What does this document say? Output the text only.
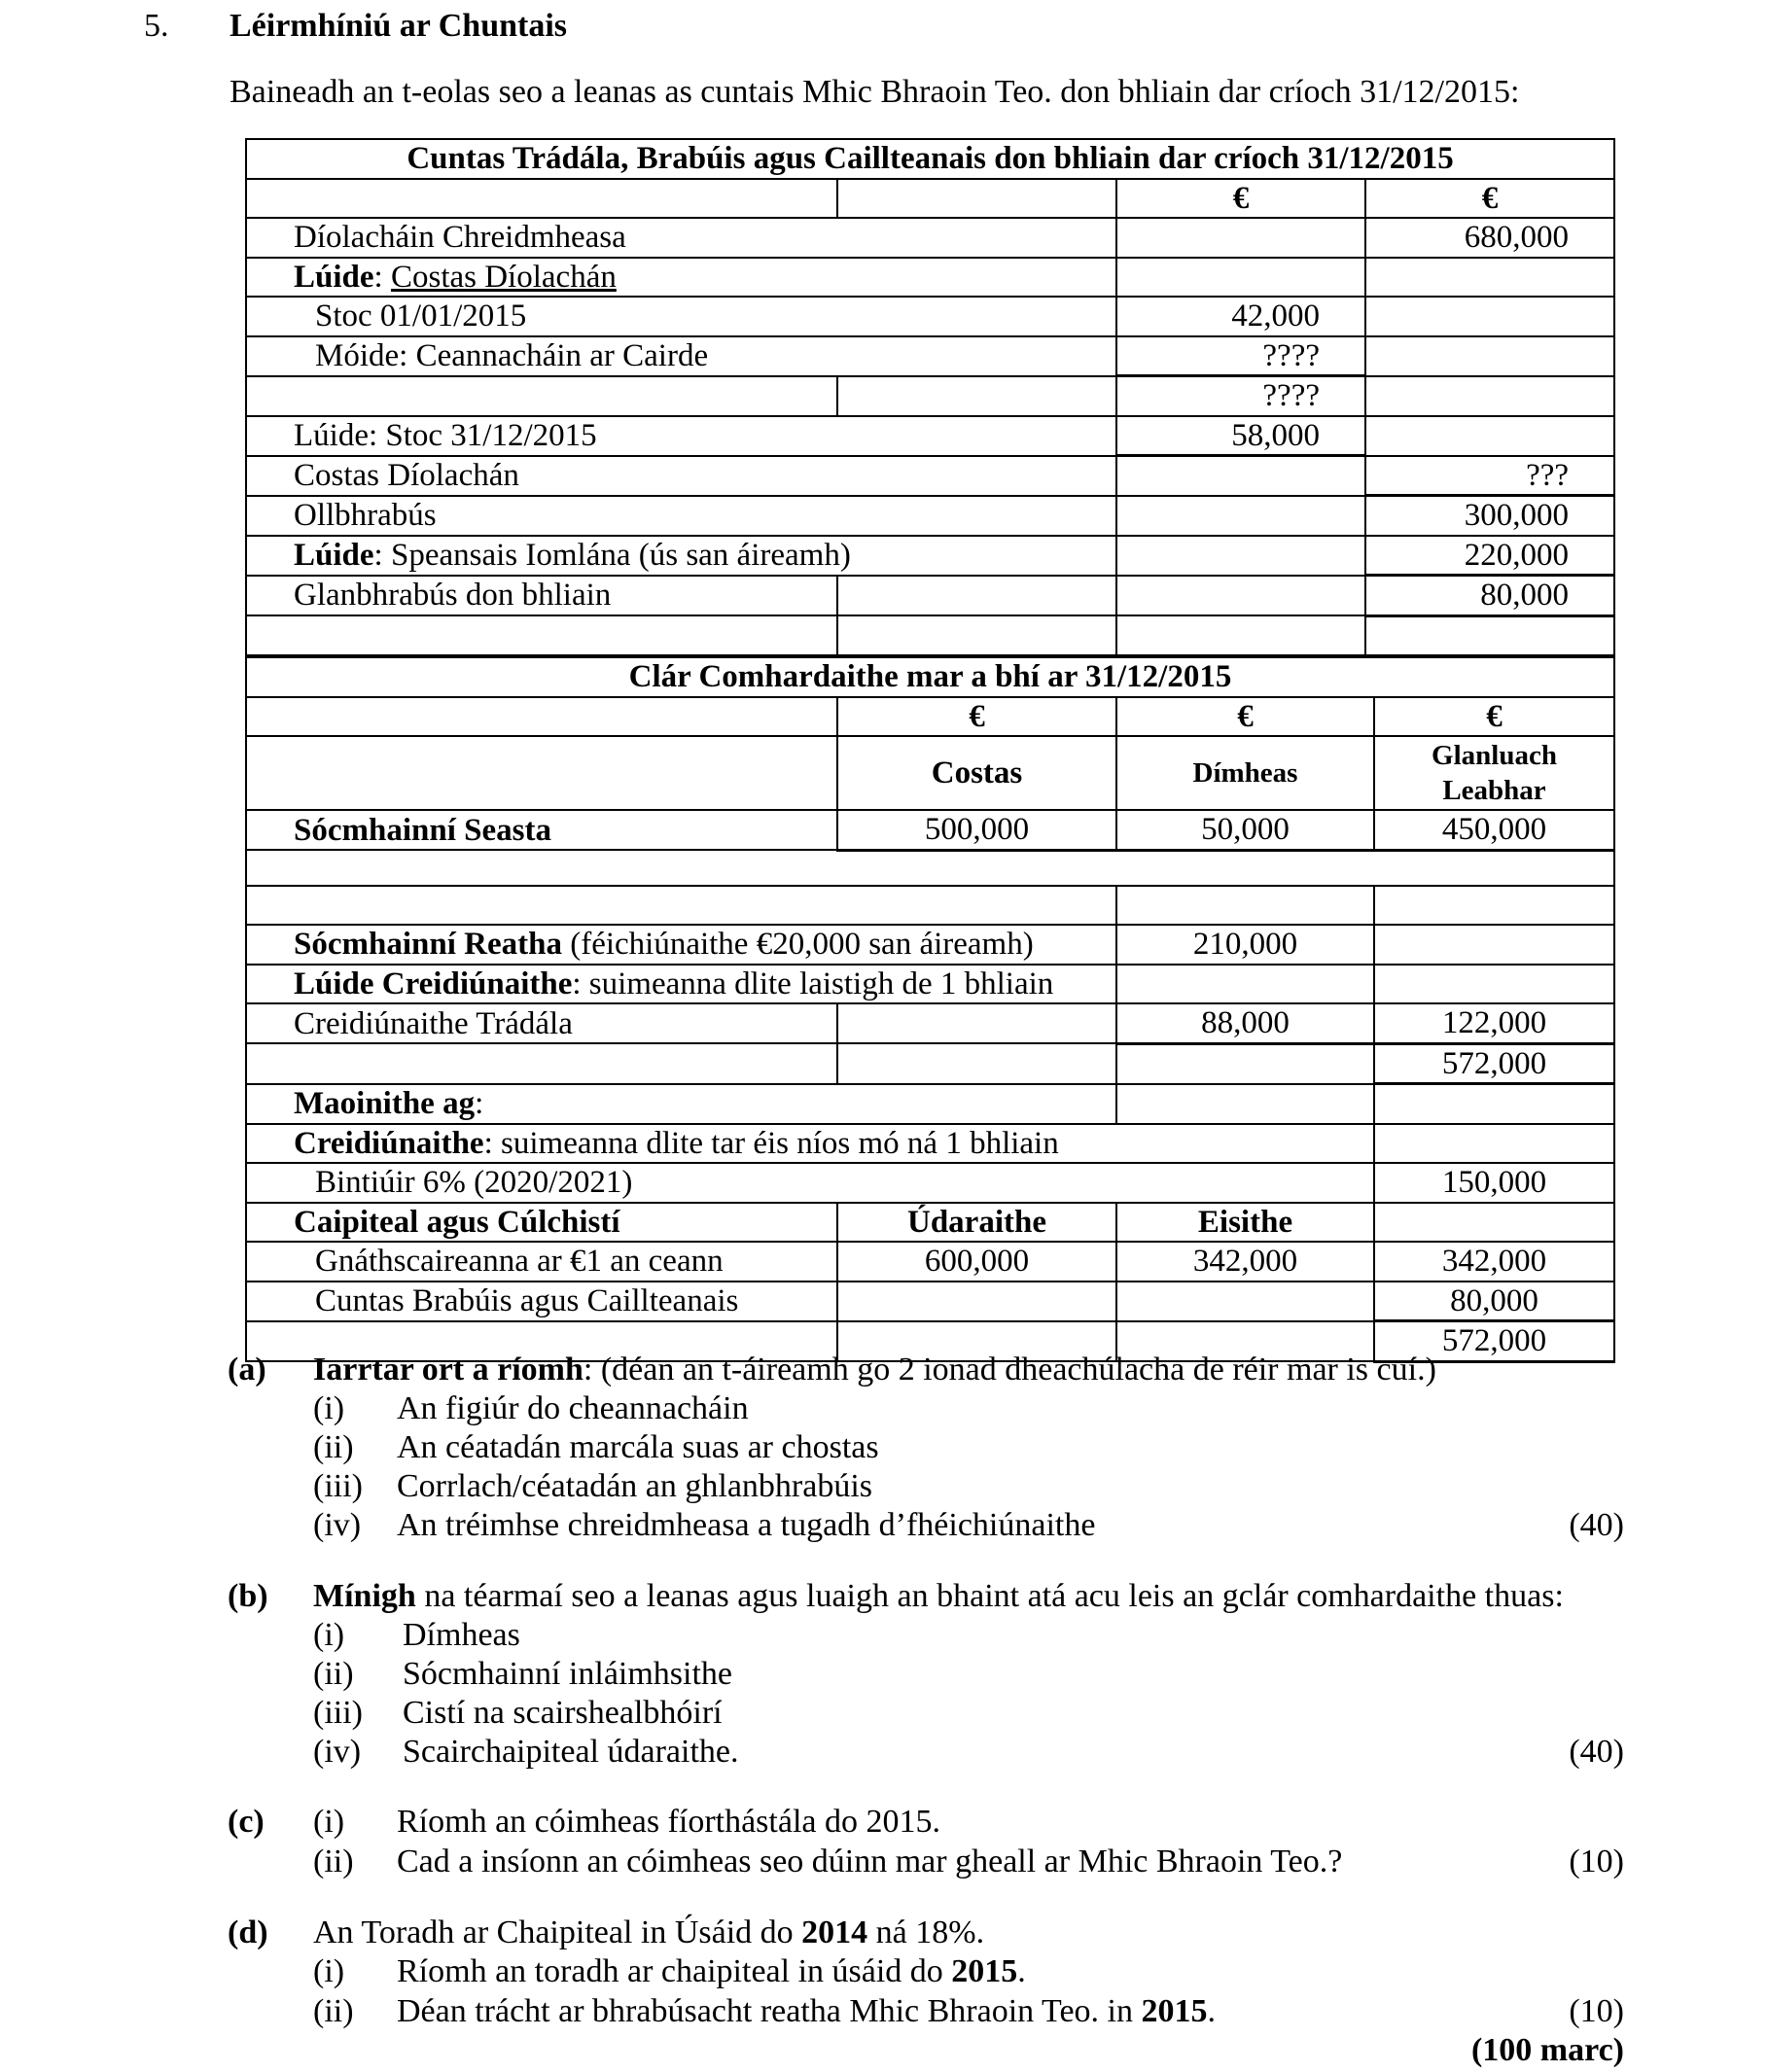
5. Léirmhíniú ar Chuntais
Baineadh an t-eolas seo a leanas as cuntais Mhic Bhraoin Teo. don bhliain dar críoch 31/12/2015:
Cuntas Trádála, Brabúis agus Caillteanais don bhliain dar críoch 31/12/2015			
		€	€
Díolacháin Chreidmheasa			680,000
Lúide: Costas Díolachán			
Stoc 01/01/2015		42,000	
Móide: Ceannacháin ar Cairde		????	
		????	
Lúide: Stoc 31/12/2015		58,000	
Costas Díolachán			???
Ollbhrabús			300,000
Lúide: Speansais Iomlána (ús san áireamh)			220,000
Glanbhrabús don bhliain			80,000

Clár Comhardaithe mar a bhí ar 31/12/2015			
	€	€	€
	Costas	Dímheas	Glanluach
Leabhar
Sócmhainní Seasta	500,000	50,000	450,000

Sócmhainní Reatha (féichiúnaithe €20,000 san áireamh)		210,000	
Lúide Creidiúnaithe: suimeanna dlite laistigh de 1 bhliain			
Creidiúnaithe Trádála		88,000	122,000
			572,000
Maoinithe ag:			
Creidiúnaithe: suimeanna dlite tar éis níos mó ná 1 bhliain			
Bintiúir 6% (2020/2021)			150,000
Caipiteal agus Cúlchistí	Údaraithe	Eisithe	
Gnáthscaireanna ar €1 an ceann	600,000	342,000	342,000
Cuntas Brabúis agus Caillteanais			80,000
			572,000
(a) Iarrtar ort a ríomh: (déan an t-áireamh go 2 ionad dheachúlacha de réir mar is cuí.)
(i) An figiúr do cheannacháin
(ii) An céatadán marcála suas ar chostas
(iii) Corrlach/céatadán an ghlanbhrabúis
(iv) An tréimhse chreidmheasa a tugadh d’fhéichiúnaithe	(40)
(b) Mínigh na téarmaí seo a leanas agus luaigh an bhaint atá acu leis an gclár comhardaithe thuas:
(i) Dímheas
(ii) Sócmhainní inláimhsithe
(iii) Cistí na scairshealbhóirí
(iv) Scairchaipiteal údaraithe.	(40)
(c) (i) Ríomh an cóimheas fíorthástála do 2015.
(ii) Cad a insíonn an cóimheas seo dúinn mar gheall ar Mhic Bhraoin Teo.?	(10)
(d) An Toradh ar Chaipiteal in Úsáid do 2014 ná 18%.
(i) Ríomh an toradh ar chaipiteal in úsáid do 2015.
(ii) Déan trácht ar bhrabúsacht reatha Mhic Bhraoin Teo. in 2015.	(10)
(100 marc)
